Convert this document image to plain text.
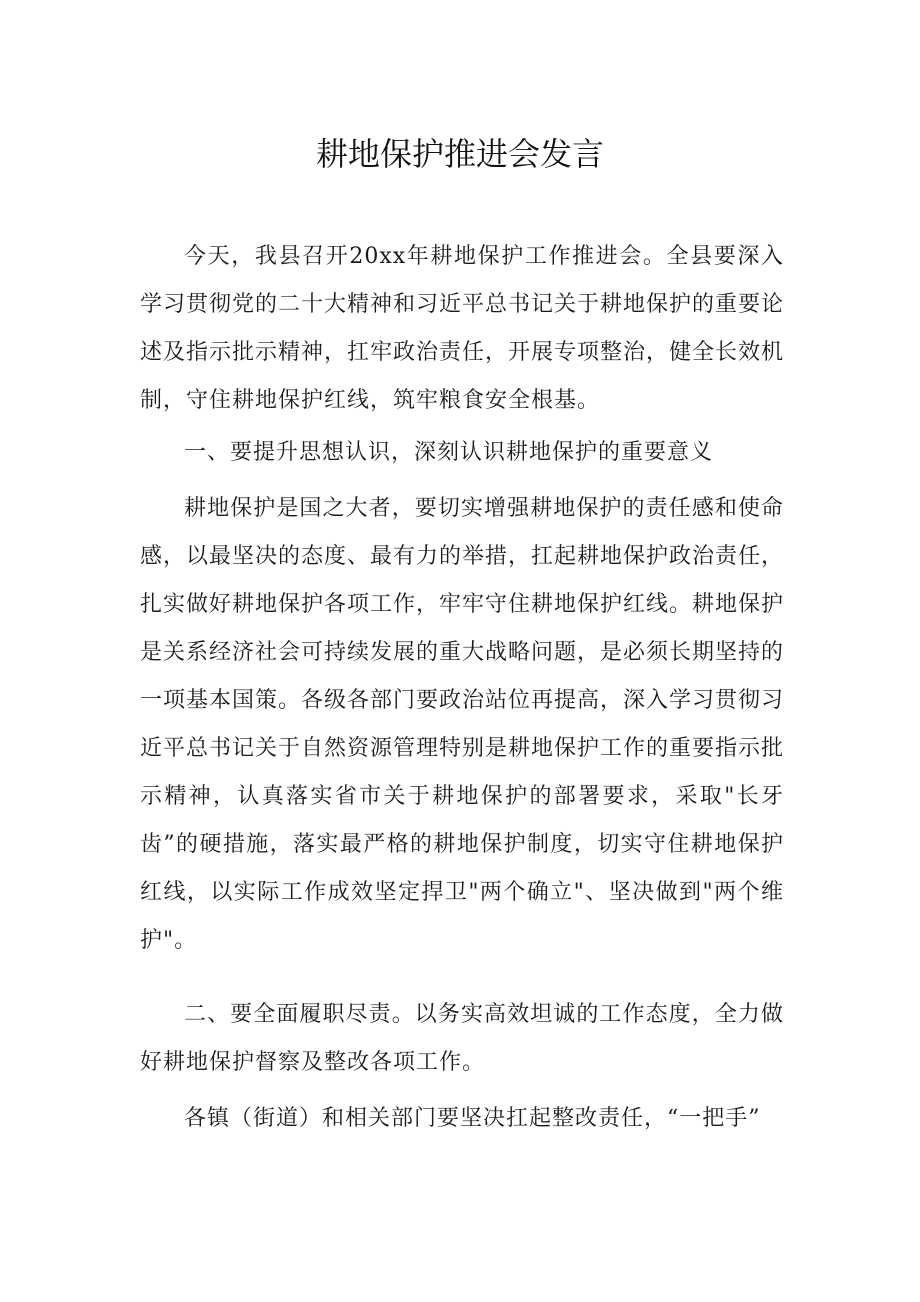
耕地保护推进会发言

今天，我县召开20xx年耕地保护工作推进会。全县要深入学习贯彻党的二十大精神和习近平总书记关于耕地保护的重要论述及指示批示精神，扛牢政治责任，开展专项整治，健全长效机制，守住耕地保护红线，筑牢粮食安全根基。

一、要提升思想认识，深刻认识耕地保护的重要意义

耕地保护是国之大者，要切实增强耕地保护的责任感和使命感，以最坚决的态度、最有力的举措，扛起耕地保护政治责任，扎实做好耕地保护各项工作，牢牢守住耕地保护红线。耕地保护是关系经济社会可持续发展的重大战略问题，是必须长期坚持的一项基本国策。各级各部门要政治站位再提高，深入学习贯彻习近平总书记关于自然资源管理特别是耕地保护工作的重要指示批示精神，认真落实省市关于耕地保护的部署要求，采取"长牙齿”的硬措施，落实最严格的耕地保护制度，切实守住耕地保护红线，以实际工作成效坚定捍卫"两个确立"、坚决做到"两个维护"。

二、要全面履职尽责。以务实高效坦诚的工作态度，全力做好耕地保护督察及整改各项工作。

各镇（街道）和相关部门要坚决扛起整改责任，“一把手”
